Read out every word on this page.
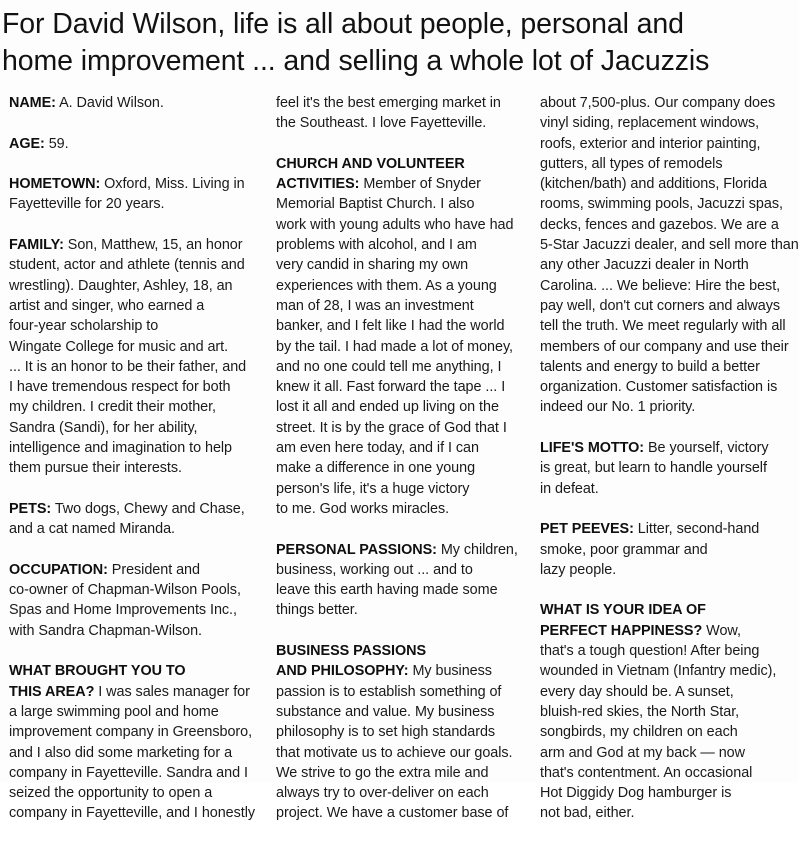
For David Wilson, life is all about people, personal and
home improvement ... and selling a whole lot of Jacuzzis
NAME: A. David Wilson.
AGE: 59.
HOMETOWN: Oxford, Miss. Living in
Fayetteville for 20 years.
FAMILY: Son, Matthew, 15, an honor
student, actor and athlete (tennis and
wrestling). Daughter, Ashley, 18, an
artist and singer, who earned a
four-year scholarship to
Wingate College for music and art.
... It is an honor to be their father, and
I have tremendous respect for both
my children. I credit their mother,
Sandra (Sandi), for her ability,
intelligence and imagination to help
them pursue their interests.
PETS: Two dogs, Chewy and Chase,
and a cat named Miranda.
OCCUPATION: President and
co-owner of Chapman-Wilson Pools,
Spas and Home Improvements Inc.,
with Sandra Chapman-Wilson.
WHAT BROUGHT YOU TO
THIS AREA? I was sales manager for
a large swimming pool and home
improvement company in Greensboro,
and I also did some marketing for a
company in Fayetteville. Sandra and I
seized the opportunity to open a
company in Fayetteville, and I honestly
feel it's the best emerging market in
the Southeast. I love Fayetteville.
CHURCH AND VOLUNTEER
ACTIVITIES: Member of Snyder
Memorial Baptist Church. I also
work with young adults who have had
problems with alcohol, and I am
very candid in sharing my own
experiences with them. As a young
man of 28, I was an investment
banker, and I felt like I had the world
by the tail. I had made a lot of money,
and no one could tell me anything, I
knew it all. Fast forward the tape ... I
lost it all and ended up living on the
street. It is by the grace of God that I
am even here today, and if I can
make a difference in one young
person's life, it's a huge victory
to me. God works miracles.
PERSONAL PASSIONS: My children,
business, working out ... and to
leave this earth having made some
things better.
BUSINESS PASSIONS
AND PHILOSOPHY: My business
passion is to establish something of
substance and value. My business
philosophy is to set high standards
that motivate us to achieve our goals.
We strive to go the extra mile and
always try to over-deliver on each
project. We have a customer base of
about 7,500-plus. Our company does
vinyl siding, replacement windows,
roofs, exterior and interior painting,
gutters, all types of remodels
(kitchen/bath) and additions, Florida
rooms, swimming pools, Jacuzzi spas,
decks, fences and gazebos. We are a
5-Star Jacuzzi dealer, and sell more than
any other Jacuzzi dealer in North
Carolina. ... We believe: Hire the best,
pay well, don't cut corners and always
tell the truth. We meet regularly with all
members of our company and use their
talents and energy to build a better
organization. Customer satisfaction is
indeed our No. 1 priority.
LIFE'S MOTTO: Be yourself, victory
is great, but learn to handle yourself
in defeat.
PET PEEVES: Litter, second-hand
smoke, poor grammar and
lazy people.
WHAT IS YOUR IDEA OF
PERFECT HAPPINESS? Wow,
that's a tough question! After being
wounded in Vietnam (Infantry medic),
every day should be. A sunset,
bluish-red skies, the North Star,
songbirds, my children on each
arm and God at my back — now
that's contentment. An occasional
Hot Diggidy Dog hamburger is
not bad, either.
